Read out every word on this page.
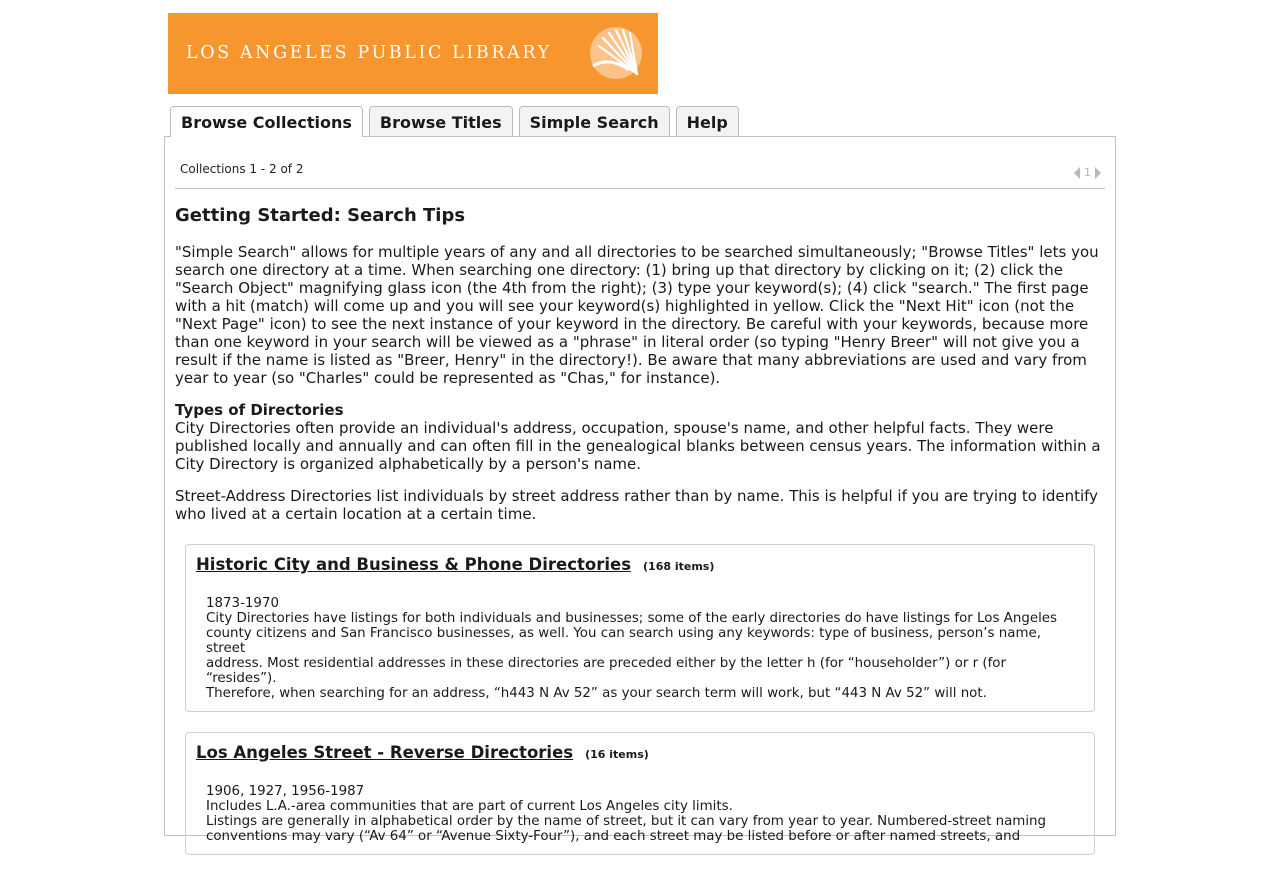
LOS ANGELES PUBLIC LIBRARY
Browse Collections	Browse Titles	Simple Search	Help
Collections 1 - 2 of 2	1
Getting Started: Search Tips

"Simple Search" allows for multiple years of any and all directories to be searched simultaneously; "Browse Titles" lets you search one directory at a time. When searching one directory: (1) bring up that directory by clicking on it; (2) click the "Search Object" magnifying glass icon (the 4th from the right); (3) type your keyword(s); (4) click "search." The first page with a hit (match) will come up and you will see your keyword(s) highlighted in yellow. Click the "Next Hit" icon (not the "Next Page" icon) to see the next instance of your keyword in the directory. Be careful with your keywords, because more than one keyword in your search will be viewed as a "phrase" in literal order (so typing "Henry Breer" will not give you a result if the name is listed as "Breer, Henry" in the directory!). Be aware that many abbreviations are used and vary from year to year (so "Charles" could be represented as "Chas," for instance).

Types of Directories
City Directories often provide an individual's address, occupation, spouse's name, and other helpful facts. They were published locally and annually and can often fill in the genealogical blanks between census years. The information within a City Directory is organized alphabetically by a person's name.

Street-Address Directories list individuals by street address rather than by name. This is helpful if you are trying to identify who lived at a certain location at a certain time.

Historic City and Business & Phone Directories (168 items)
1873-1970
City Directories have listings for both individuals and businesses; some of the early directories do have listings for Los Angeles
county citizens and San Francisco businesses, as well. You can search using any keywords: type of business, person’s name, street
address. Most residential addresses in these directories are preceded either by the letter h (for “householder”) or r (for “resides”).
Therefore, when searching for an address, “h443 N Av 52” as your search term will work, but “443 N Av 52” will not.
Los Angeles Street - Reverse Directories (16 items)
1906, 1927, 1956-1987
Includes L.A.-area communities that are part of current Los Angeles city limits.
Listings are generally in alphabetical order by the name of street, but it can vary from year to year. Numbered-street naming
conventions may vary (“Av 64” or “Avenue Sixty-Four”), and each street may be listed before or after named streets, and
